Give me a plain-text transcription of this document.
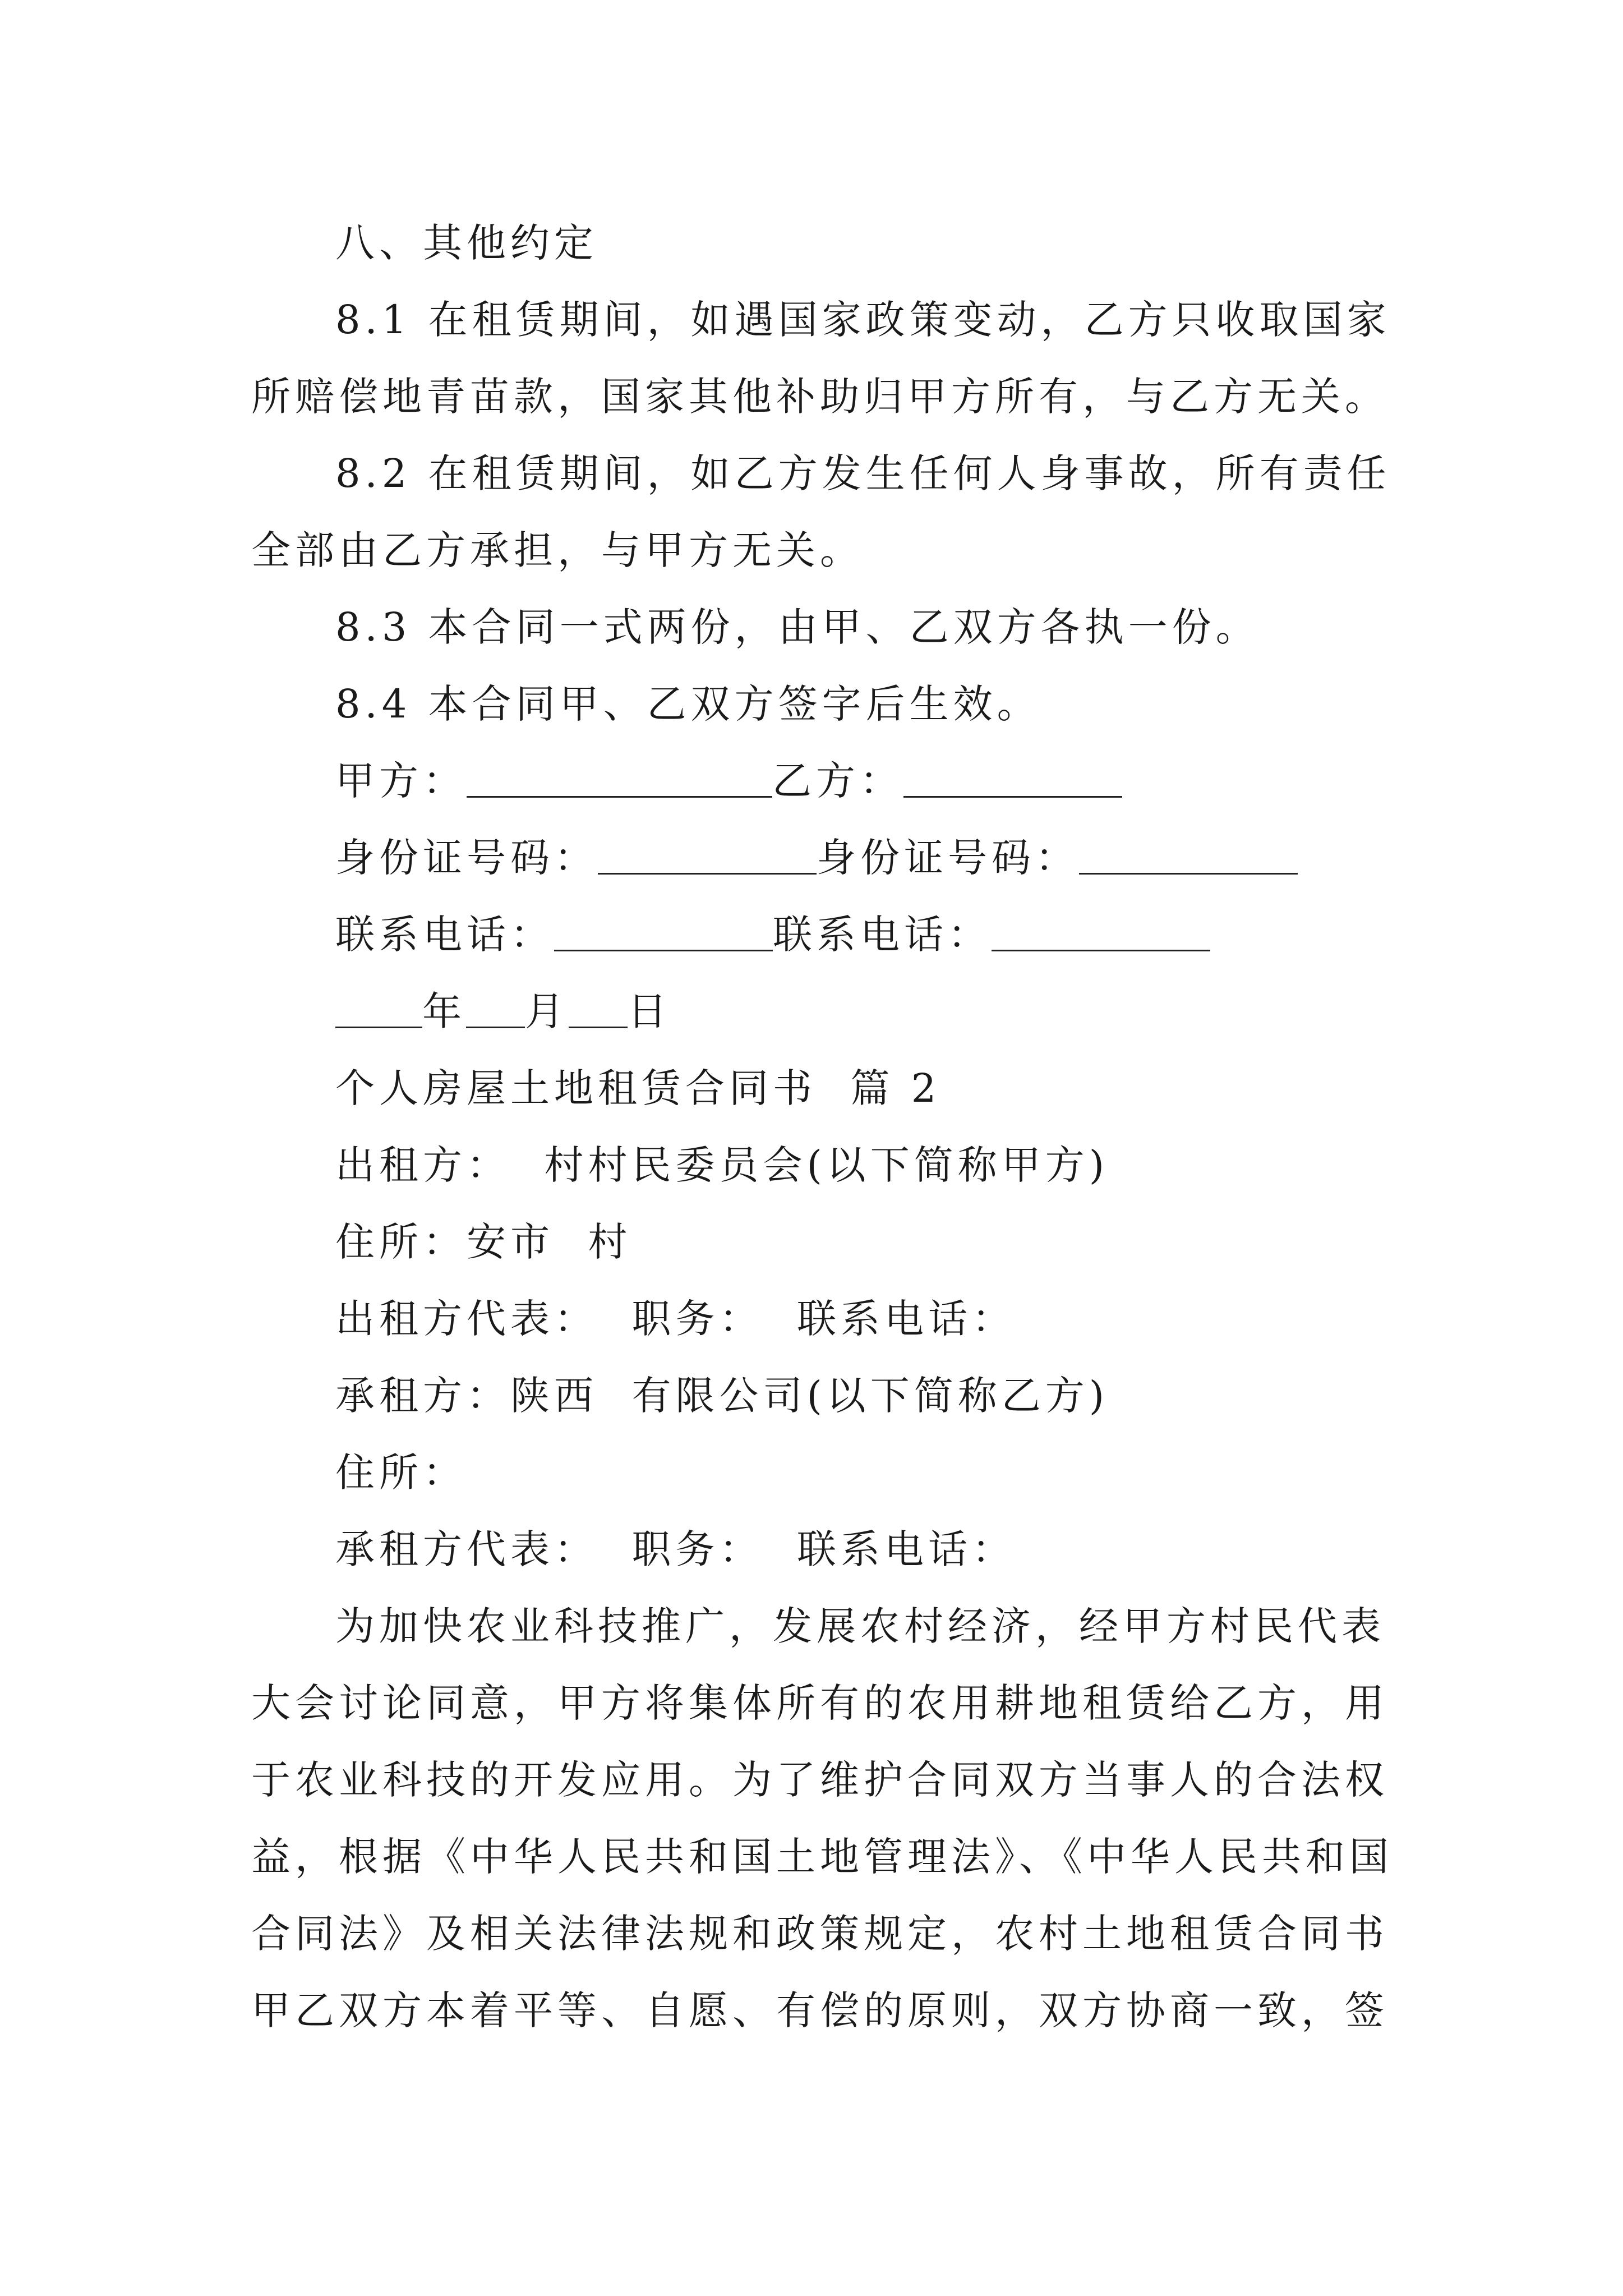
八、其他约定
8.1 在租赁期间，如遇国家政策变动，乙方只收取国家
所赔偿地青苗款，国家其他补助归甲方所有，与乙方无关。
8.2 在租赁期间，如乙方发生任何人身事故，所有责任
全部由乙方承担，与甲方无关。
8.3 本合同一式两份，由甲、乙双方各执一份。
8.4 本合同甲、乙双方签字后生效。
甲方：	乙方：
身份证号码：	身份证号码：
联系电话：	联系电话：
年 月 日
个人房屋土地租赁合同书  篇 2
出租方：  村村民委员会(以下简称甲方)
住所：安市  村
出租方代表：  职务：  联系电话：
承租方：陕西  有限公司(以下简称乙方)
住所：
承租方代表：  职务：  联系电话：
为加快农业科技推广，发展农村经济，经甲方村民代表
大会讨论同意，甲方将集体所有的农用耕地租赁给乙方，用
于农业科技的开发应用。为了维护合同双方当事人的合法权
益，根据《中华人民共和国土地管理法》、《中华人民共和国
合同法》及相关法律法规和政策规定，农村土地租赁合同书
甲乙双方本着平等、自愿、有偿的原则，双方协商一致，签
